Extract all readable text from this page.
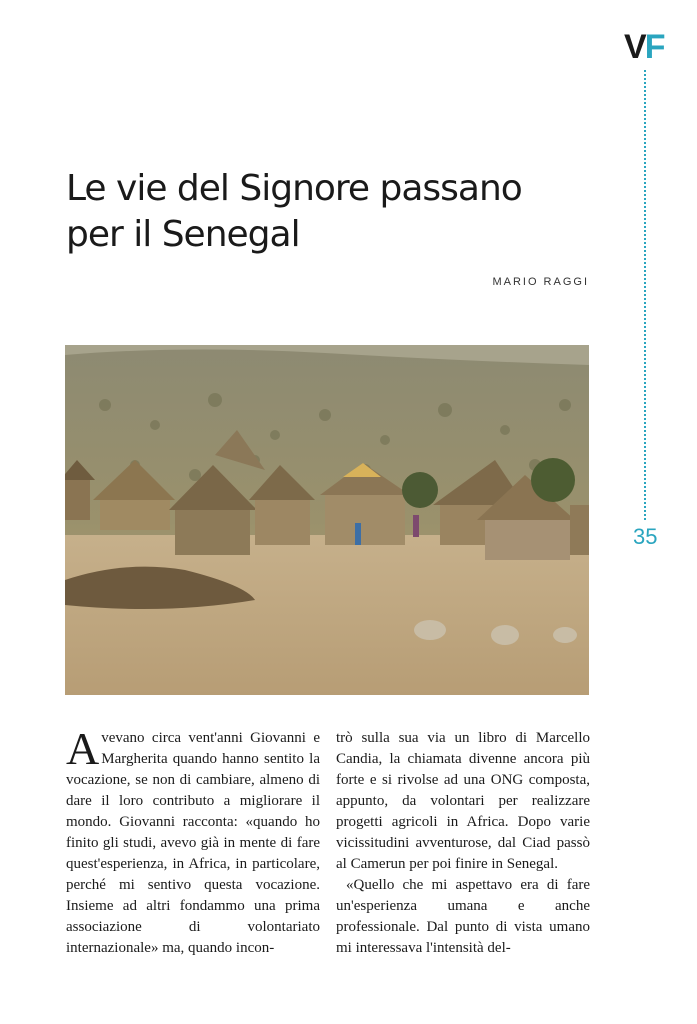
VF
35
Le vie del Signore passano per il Senegal
MARIO RAGGI

Avevano circa vent'anni Giovanni e Margherita quando hanno sentito la vocazione, se non di cambiare, almeno di dare il loro contributo a migliorare il mondo. Giovanni racconta: «quando ho finito gli studi, avevo già in mente di fare quest'esperienza, in Africa, in particolare, perché mi sentivo questa vocazione. Insieme ad altri fondammo una prima associazione di volontariato internazionale» ma, quando incon-

trò sulla sua via un libro di Marcello Candia, la chiamata divenne ancora più forte e si rivolse ad una ONG composta, appunto, da volontari per realizzare progetti agricoli in Africa. Dopo varie vicissitudini avventurose, dal Ciad passò al Camerun per poi finire in Senegal.

«Quello che mi aspettavo era di fare un'esperienza umana e anche professionale. Dal punto di vista umano mi interessava l'intensità del-
